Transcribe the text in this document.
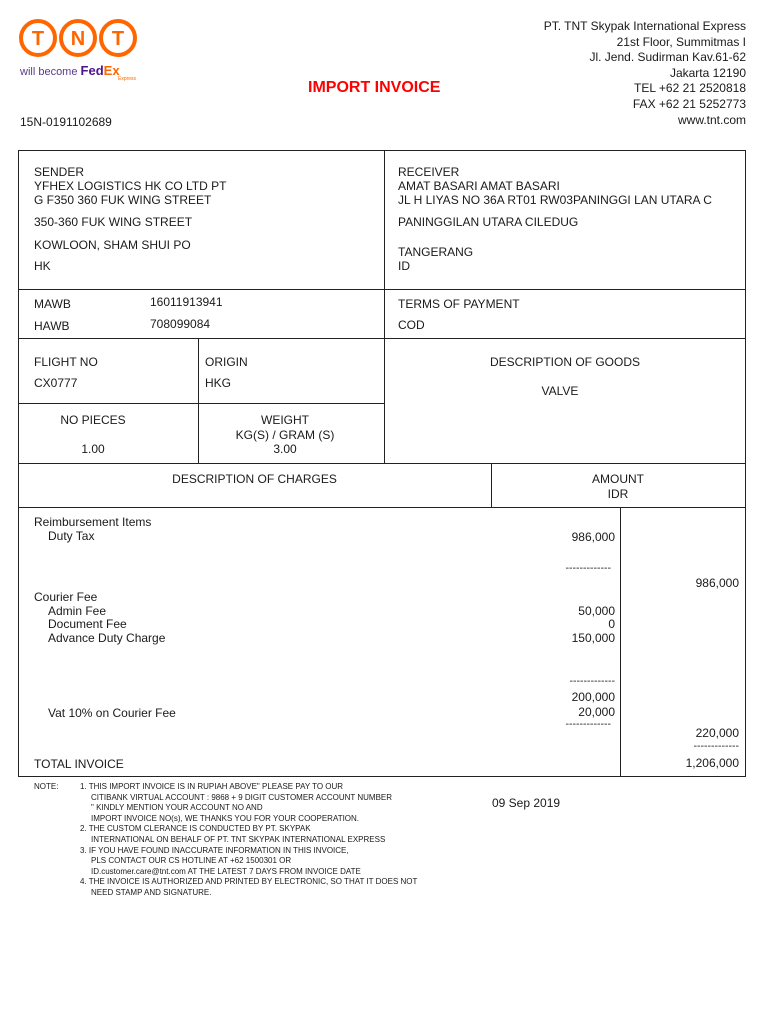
T N T
will become FedEx
Express
PT. TNT Skypak International Express
21st Floor, Summitmas I
Jl. Jend. Sudirman Kav.61-62
Jakarta 12190
TEL +62 21 2520818
FAX +62 21 5252773
www.tnt.com
IMPORT INVOICE
15N-0191102689
SENDER
YFHEX LOGISTICS HK CO LTD PT
G F350 360 FUK WING STREET
350-360 FUK WING STREET
KOWLOON, SHAM SHUI PO
HK
RECEIVER
AMAT BASARI AMAT BASARI
JL H LIYAS NO 36A RT01 RW03PANINGGI LAN UTARA C
PANINGGILAN UTARA CILEDUG
TANGERANG
ID
MAWB	16011913941
HAWB	708099084
TERMS OF PAYMENT
COD
FLIGHT NO
CX0777
ORIGIN
HKG
DESCRIPTION OF GOODS
VALVE
NO PIECES
1.00
WEIGHT
KG(S) / GRAM (S)
3.00
DESCRIPTION OF CHARGES	AMOUNT
IDR
Reimbursement Items
Duty Tax	986,000
-------------
986,000
Courier Fee
Admin Fee	50,000
Document Fee	0
Advance Duty Charge	150,000
-------------
200,000
Vat 10% on Courier Fee	20,000
-------------
220,000
-------------
TOTAL INVOICE	1,206,000
NOTE:	1. THIS IMPORT INVOICE IS IN RUPIAH ABOVE" PLEASE PAY TO OUR
CITIBANK VIRTUAL ACCOUNT : 9868 + 9 DIGIT CUSTOMER ACCOUNT NUMBER
" KINDLY MENTION YOUR ACCOUNT NO AND
IMPORT INVOICE NO(s), WE THANKS YOU FOR YOUR COOPERATION.
2. THE CUSTOM CLERANCE IS CONDUCTED BY PT. SKYPAK
INTERNATIONAL ON BEHALF OF PT. TNT SKYPAK INTERNATIONAL EXPRESS
3. IF YOU HAVE FOUND INACCURATE INFORMATION IN THIS INVOICE,
PLS CONTACT OUR CS HOTLINE AT +62 1500301 OR
ID.customer.care@tnt.com AT THE LATEST 7 DAYS FROM INVOICE DATE
4. THE INVOICE IS AUTHORIZED AND PRINTED BY ELECTRONIC, SO THAT IT DOES NOT
NEED STAMP AND SIGNATURE.
09 Sep 2019
